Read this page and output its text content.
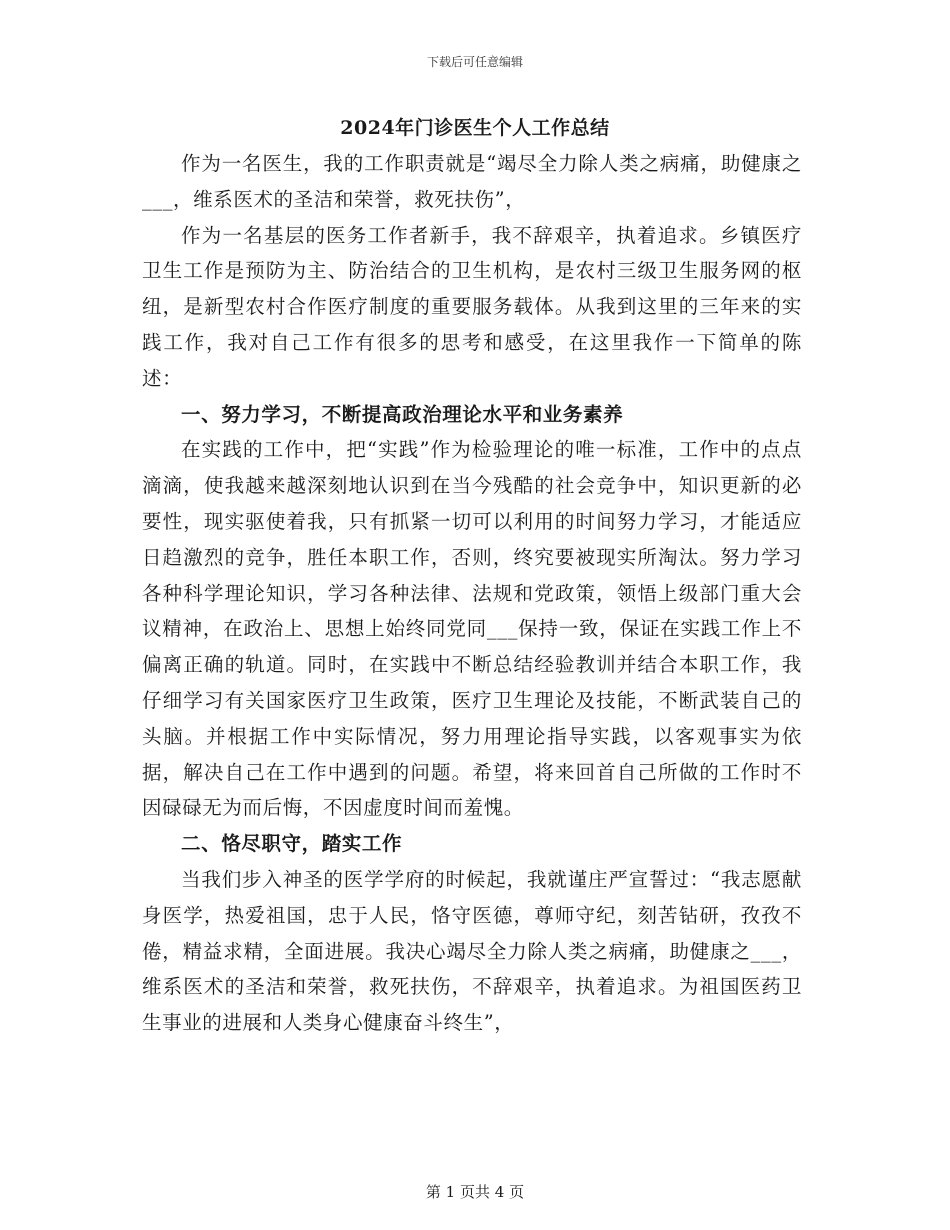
下载后可任意编辑

2024年门诊医生个人工作总结

作为一名医生，我的工作职责就是“竭尽全力除人类之病痛，助健康之___，维系医术的圣洁和荣誉，救死扶伤”，

作为一名基层的医务工作者新手，我不辞艰辛，执着追求。乡镇医疗卫生工作是预防为主、防治结合的卫生机构，是农村三级卫生服务网的枢纽，是新型农村合作医疗制度的重要服务载体。从我到这里的三年来的实践工作，我对自己工作有很多的思考和感受，在这里我作一下简单的陈述：

一、努力学习，不断提高政治理论水平和业务素养

在实践的工作中，把“实践”作为检验理论的唯一标准，工作中的点点滴滴，使我越来越深刻地认识到在当今残酷的社会竞争中，知识更新的必要性，现实驱使着我，只有抓紧一切可以利用的时间努力学习，才能适应日趋激烈的竞争，胜任本职工作，否则，终究要被现实所淘汰。努力学习各种科学理论知识，学习各种法律、法规和党政策，领悟上级部门重大会议精神，在政治上、思想上始终同党同___保持一致，保证在实践工作上不偏离正确的轨道。同时，在实践中不断总结经验教训并结合本职工作，我仔细学习有关国家医疗卫生政策，医疗卫生理论及技能，不断武装自己的头脑。并根据工作中实际情况，努力用理论指导实践，以客观事实为依据，解决自己在工作中遇到的问题。希望，将来回首自己所做的工作时不因碌碌无为而后悔，不因虚度时间而羞愧。

二、恪尽职守，踏实工作

当我们步入神圣的医学学府的时候起，我就谨庄严宣誓过：“我志愿献身医学，热爱祖国，忠于人民，恪守医德，尊师守纪，刻苦钻研，孜孜不倦，精益求精，全面进展。我决心竭尽全力除人类之病痛，助健康之___，维系医术的圣洁和荣誉，救死扶伤，不辞艰辛，执着追求。为祖国医药卫生事业的进展和人类身心健康奋斗终生”，

第 1 页共 4 页
